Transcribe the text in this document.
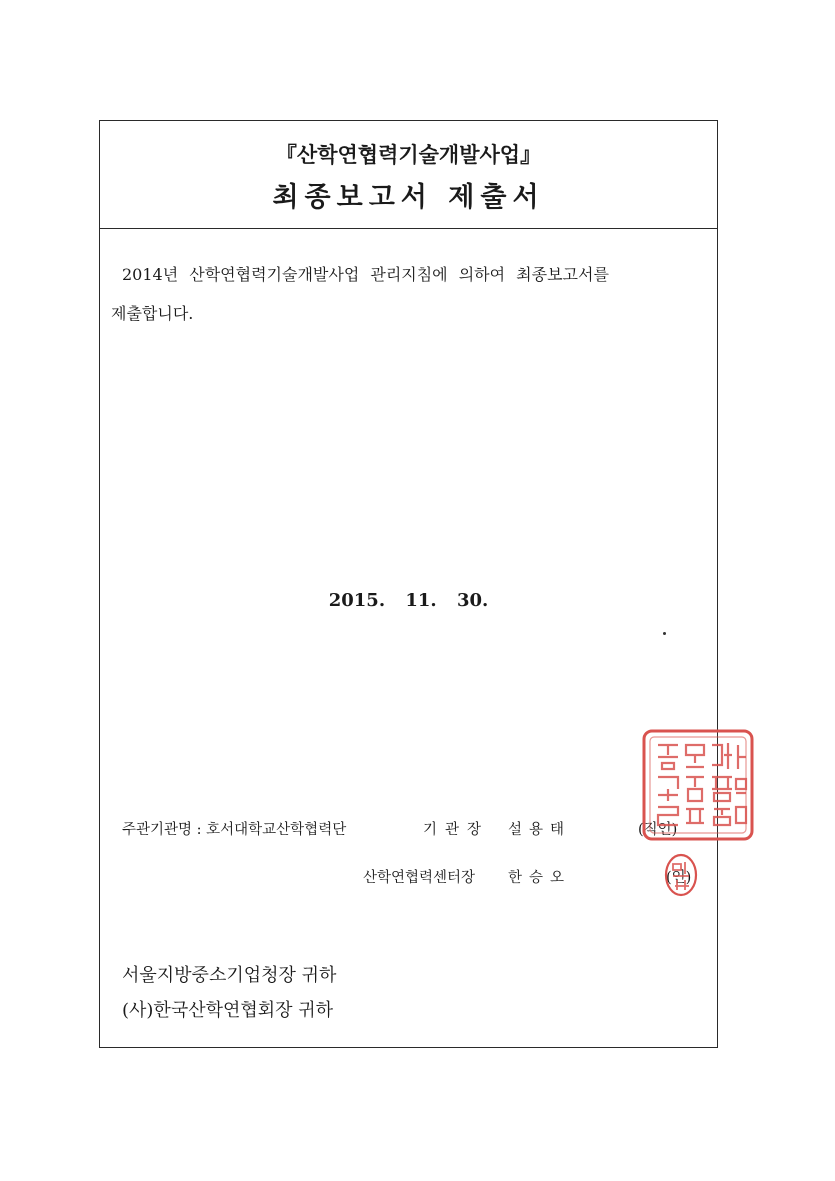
『산학연협력기술개발사업』
최종보고서 제출서
2014년 산학연협력기술개발사업 관리지침에 의하여 최종보고서를
제출합니다.
2015. 11. 30.
주관기관명 : 호서대학교산학협력단	기관장 설용태	(직인)
산학연협력센터장 한승오	(인)
서울지방중소기업청장 귀하
(사)한국산학연협회장 귀하
